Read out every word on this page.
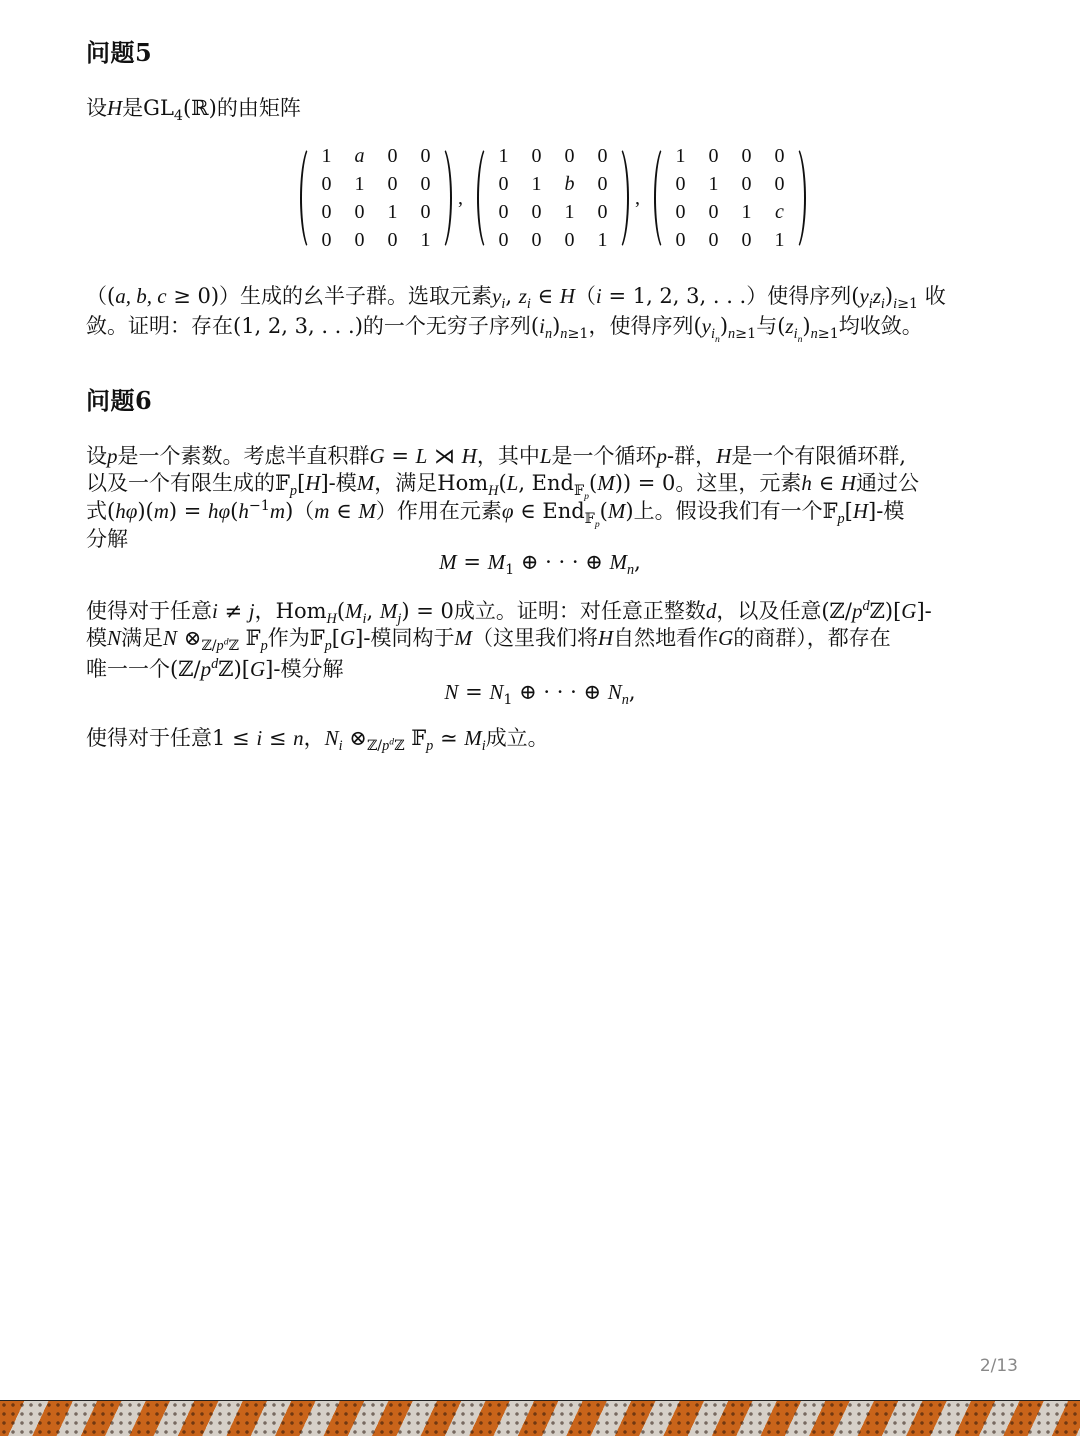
问题5
设H是$GL_4(ℝ)$的由矩阵
1	a	0	0
0	1	0	0
0	0	1	0
0	0	0	1
,
1	0	0	0
0	1	b	0
0	0	1	0
0	0	0	1
,
1	0	0	0
0	1	0	0
0	0	1	c
0	0	0	1
（(a, b, c ≥ 0)）生成的幺半子群。选取元素$y_i$, $z_i$ ∈ H（i = 1, 2, 3, . . .）使得序列$(y_iz_i)_{i\ge 1}$ 收
敛。证明：存在(1, 2, 3, . . .)的一个无穷子序列$(i_n)_{n\ge 1}$，使得序列$(y_{i_n})_{n\ge 1}$与$(z_{i_n})_{n\ge 1}$均收敛。
问题6
设p是一个素数。考虑半直积群G = L ⋊ H，其中L是一个循环p-群，H是一个有限循环群,
以及一个有限生成的𝔽$_p$[H]-模M，满足Hom$_H$(L, End$_{𝔽_p}$(M)) = 0。这里，元素h ∈ H通过公
式$(h\varphi)(m) = h\varphi(h^{-1}m)(m$ ∈ M）作用在元素φ ∈ End$_{𝔽_p}$(M)上。假设我们有一个𝔽$_p$[H]-模
分解
$M = M_1$ ⊕ · · · ⊕ $M_n$,
使得对于任意i ≠ j，$Hom_H(M_i$, $M_j) = 0$成立。证明：对任意正整数d，以及任意$(ℤ/p^dℤ)[G]-$
模N满足N $\otimes_{ℤ/p^dℤ}$ 𝔽$_p$作为𝔽$_p$[G]-模同构于M（这里我们将H自然地看作G的商群），都存在
唯一一个$(ℤ/p^dℤ)[G]-$模分解
$N = N_1$ ⊕ · · · ⊕ $N_n$,
使得对于任意1 ≤ i ≤ n，$N_i$ $\otimes_{ℤ/p^dℤ}$ 𝔽$_p$ ≃ $M_i$成立。
2/13
